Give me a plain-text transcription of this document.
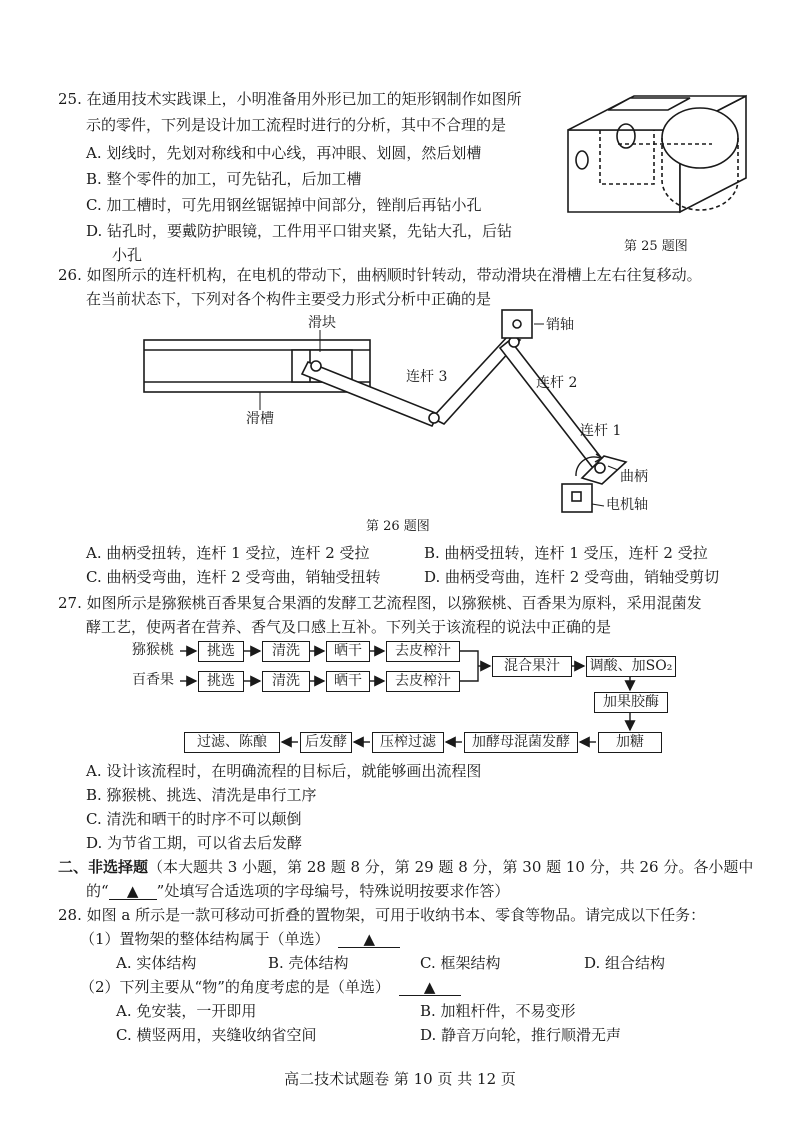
25. 在通用技术实践课上，小明准备用外形已加工的矩形钢制作如图所
示的零件，下列是设计加工流程时进行的分析，其中不合理的是
A. 划线时，先划对称线和中心线，再冲眼、划圆，然后划槽
B. 整个零件的加工，可先钻孔，后加工槽
C. 加工槽时，可先用钢丝锯锯掉中间部分，锉削后再钻小孔
D. 钻孔时，要戴防护眼镜，工件用平口钳夹紧，先钻大孔，后钻
小孔	第 25 题图
26. 如图所示的连杆机构，在电机的带动下，曲柄顺时针转动，带动滑块在滑槽上左右往复移动。
在当前状态下，下列对各个构件主要受力形式分析中正确的是
滑块
滑槽
连杆 3	连杆 2
连杆 1
销轴
曲柄
电机轴
第 26 题图
A. 曲柄受扭转，连杆 1 受拉，连杆 2 受拉	B. 曲柄受扭转，连杆 1 受压，连杆 2 受拉
C. 曲柄受弯曲，连杆 2 受弯曲，销轴受扭转	D. 曲柄受弯曲，连杆 2 受弯曲，销轴受剪切
27. 如图所示是猕猴桃百香果复合果酒的发酵工艺流程图，以猕猴桃、百香果为原料，采用混菌发
酵工艺，使两者在营养、香气及口感上互补。下列关于该流程的说法中正确的是
猕猴桃
百香果
挑选	清洗	晒干	去皮榨汁
挑选	清洗	晒干	去皮榨汁
混合果汁	调酸、加SO₂
加果胶酶
加糖
加酵母混菌发酵
压榨过滤
后发酵
过滤、陈酿
A. 设计该流程时，在明确流程的目标后，就能够画出流程图
B. 猕猴桃、挑选、清洗是串行工序
C. 清洗和晒干的时序不可以颠倒
D. 为节省工期，可以省去后发酵
二、非选择题（本大题共 3 小题，第 28 题 8 分，第 29 题 8 分，第 30 题 10 分，共 26 分。各小题中
的“ ▲ ”处填写合适选项的字母编号，特殊说明按要求作答）
28. 如图 a 所示是一款可移动可折叠的置物架，可用于收纳书本、零食等物品。请完成以下任务：
（1）置物架的整体结构属于（单选） ▲
A. 实体结构	B. 壳体结构	C. 框架结构	D. 组合结构
（2）下列主要从“物”的角度考虑的是（单选） ▲
A. 免安装，一开即用	B. 加粗杆件，不易变形
C. 横竖两用，夹缝收纳省空间	D. 静音万向轮，推行顺滑无声
高二技术试题卷 第 10 页 共 12 页
